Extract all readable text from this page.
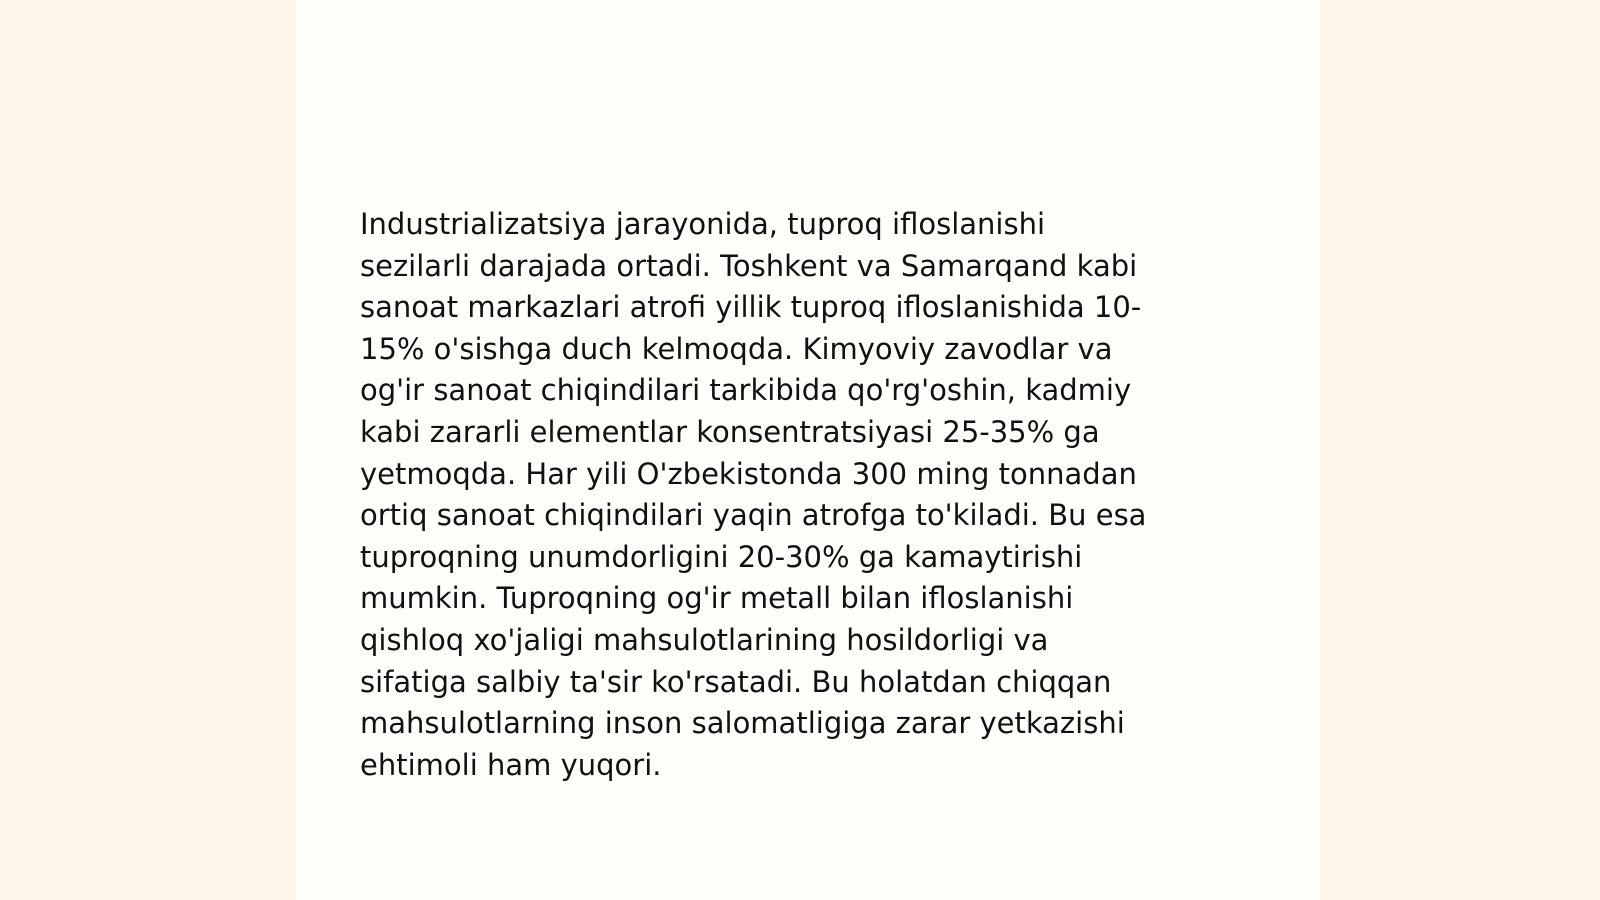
Industrializatsiya jarayonida, tuproq ifloslanishi
sezilarli darajada ortadi. Toshkent va Samarqand kabi
sanoat markazlari atrofi yillik tuproq ifloslanishida 10-
15% o'sishga duch kelmoqda. Kimyoviy zavodlar va
og'ir sanoat chiqindilari tarkibida qo'rg'oshin, kadmiy
kabi zararli elementlar konsentratsiyasi 25-35% ga
yetmoqda. Har yili O'zbekistonda 300 ming tonnadan
ortiq sanoat chiqindilari yaqin atrofga to'kiladi. Bu esa
tuproqning unumdorligini 20-30% ga kamaytirishi
mumkin. Tuproqning og'ir metall bilan ifloslanishi
qishloq xo'jaligi mahsulotlarining hosildorligi va
sifatiga salbiy ta'sir ko'rsatadi. Bu holatdan chiqqan
mahsulotlarning inson salomatligiga zarar yetkazishi
ehtimoli ham yuqori.
